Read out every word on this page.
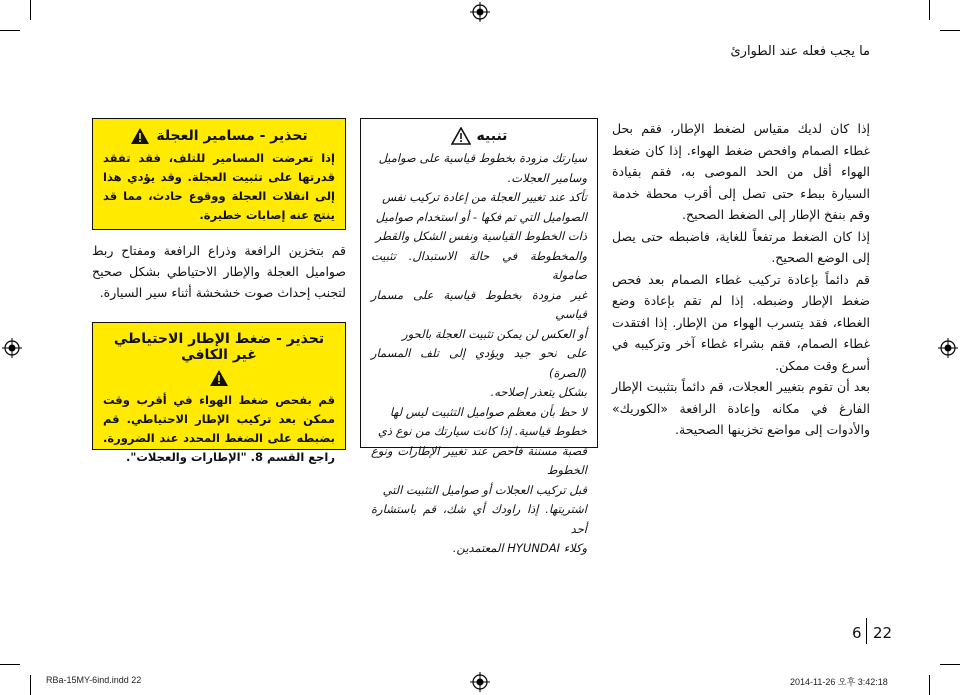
ما يجب فعله عند الطوارئ

إذا كان لديك مقياس لضغط الإطار، فقم بحل غطاء الصمام وافحص ضغط الهواء. إذا كان ضغط الهواء أقل من الحد الموصى به، فقم بقيادة السيارة ببطء حتى تصل إلى أقرب محطة خدمة وقم بنفخ الإطار إلى الضغط الصحيح.

إذا كان الضغط مرتفعاً للغاية، فاضبطه حتى يصل إلى الوضع الصحيح.

قم دائماً بإعادة تركيب غطاء الصمام بعد فحص ضغط الإطار وضبطه. إذا لم تقم بإعادة وضع الغطاء، فقد يتسرب الهواء من الإطار. إذا افتقدت غطاء الصمام، فقم بشراء غطاء آخر وتركيبه في أسرع وقت ممكن.

بعد أن تقوم بتغيير العجلات، قم دائماً بتثبيت الإطار الفارغ في مكانه وإعادة الرافعة «الكوريك» والأدوات إلى مواضع تخزينها الصحيحة.

تنبيه
سيارتك مزودة بخطوط قياسية على صواميل
وسامير العجلات.
تأكد عند تغيير العجلة من إعادة تركيب نفس
الصواميل التي تم فكها - أو استخدام صواميل
ذات الخطوط القياسية ونفس الشكل والقطر
والمخطوطة في حالة الاستبدال. تثبيت صامولة
غير مزودة بخطوط قياسية على مسمار قياسي
أو العكس لن يمكن تثبيت العجلة بالحور
على نحو جيد ويؤدي إلى تلف المسمار (الصرة)
بشكل يتعذر إصلاحه.
لا حظ بأن معظم صواميل التثبيت ليس لها
خطوط قياسية. إذا كانت سيارتك من نوع ذي
قصبة مسننة فاحص عند تغيير الإطارات ونوع الخطوط
قبل تركيب العجلات أو صواميل التثبيت التي
اشتريتها. إذا راودك أي شك، قم باستشارة أحد
وكلاء HYUNDAI المعتمدين.
تحذير - مسامير العجلة
إذا تعرضت المسامير للتلف، فقد تفقد قدرتها على تثبيت العجلة. وقد يؤدي هذا إلى انفلات العجلة ووقوع حادث، مما قد ينتج عنه إصابات خطيرة.

قم بتخزين الرافعة وذراع الرافعة ومفتاح ربط صواميل العجلة والإطار الاحتياطي بشكل صحيح لتجنب إحداث صوت خشخشة أثناء سير السيارة.

تحذير - ضغط الإطار الاحتياطي غير الكافي
قم بفحص ضغط الهواء في أقرب وقت ممكن بعد تركيب الإطار الاحتياطي. قم بضبطه على الضغط المحدد عند الضرورة. راجع القسم 8. "الإطارات والعجلات".
6 22
RBa-15MY-6ind.indd 22	2014-11-26 오후 3:42:18
